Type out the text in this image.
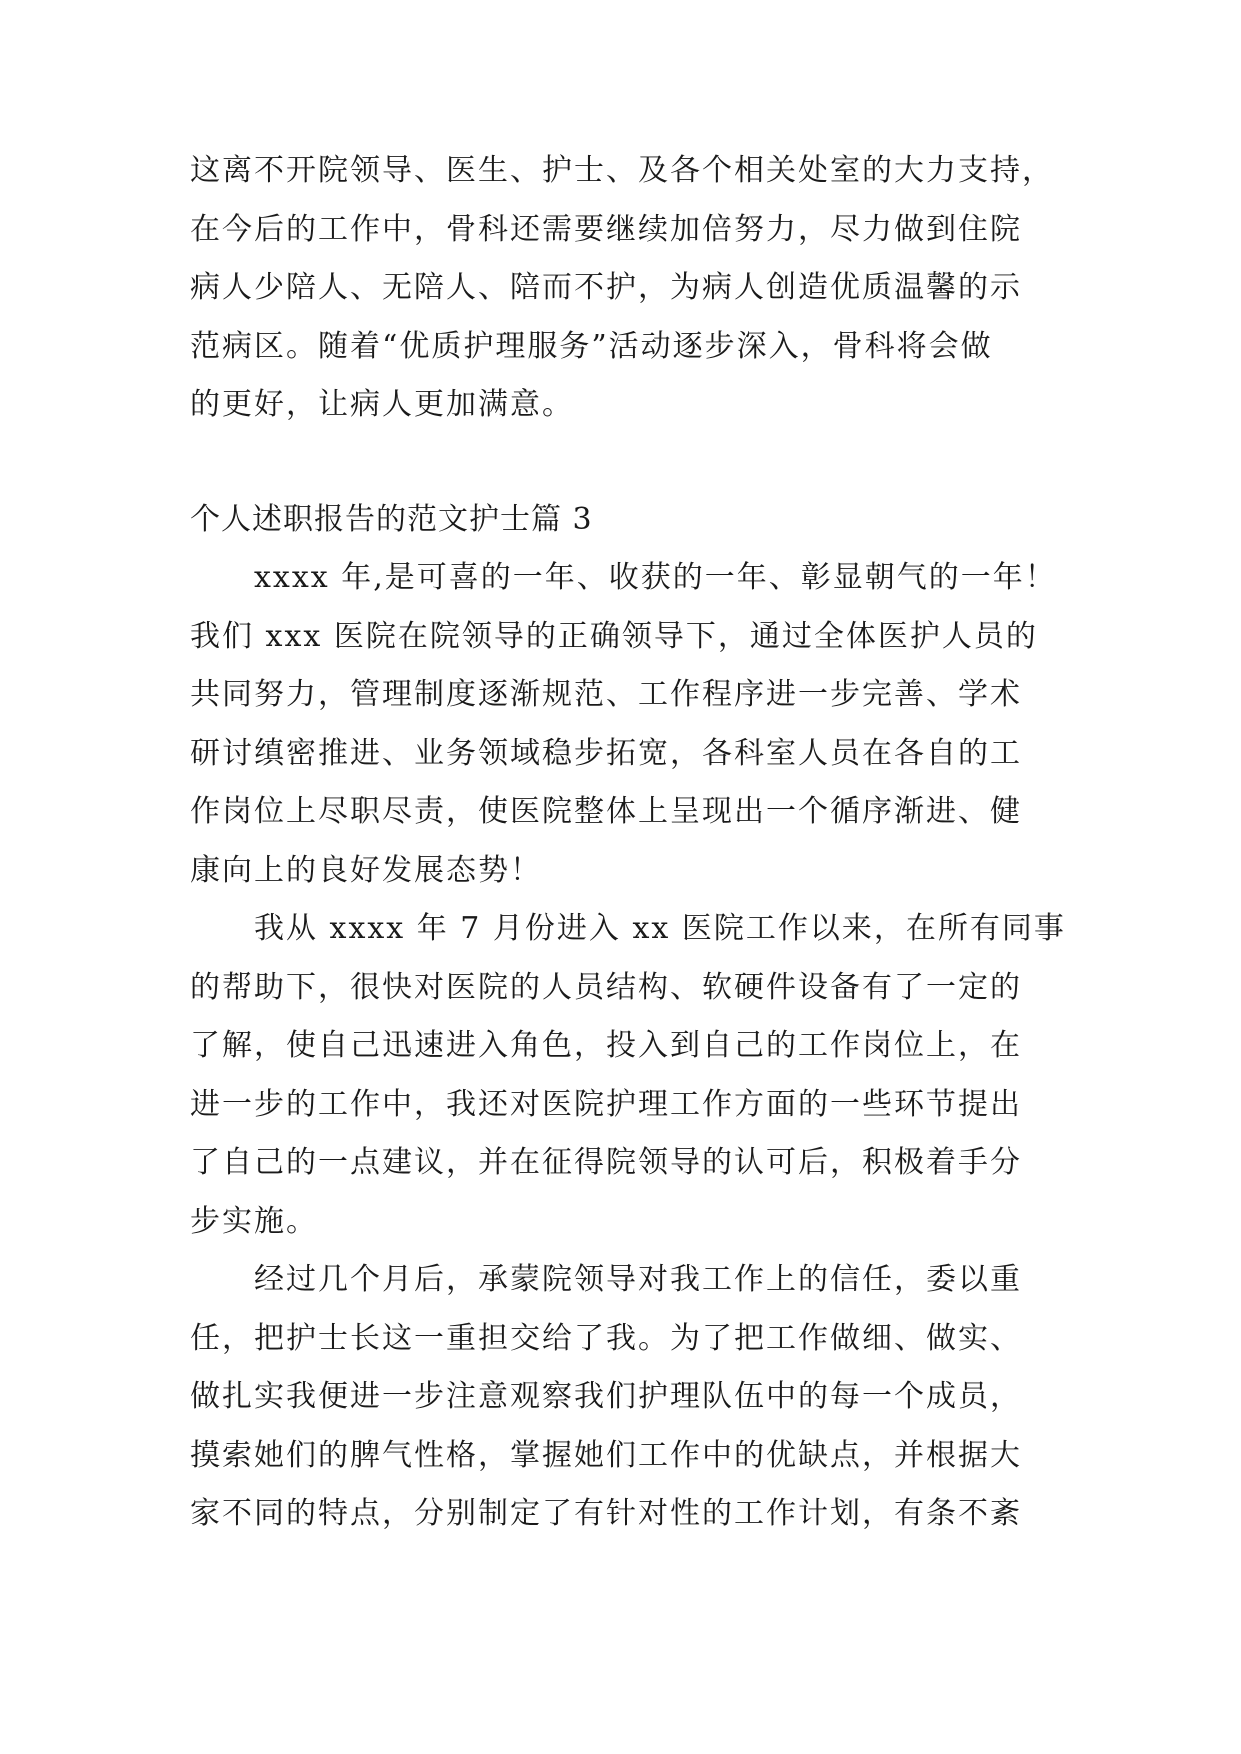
这离不开院领导、医生、护士、及各个相关处室的大力支持，
在今后的工作中，骨科还需要继续加倍努力，尽力做到住院
病人少陪人、无陪人、陪而不护，为病人创造优质温馨的示
范病区。随着“优质护理服务”活动逐步深入，骨科将会做
的更好，让病人更加满意。

个人述职报告的范文护士篇 3

　　xxxx 年,是可喜的一年、收获的一年、彰显朝气的一年！
我们 xxx 医院在院领导的正确领导下，通过全体医护人员的
共同努力，管理制度逐渐规范、工作程序进一步完善、学术
研讨缜密推进、业务领域稳步拓宽，各科室人员在各自的工
作岗位上尽职尽责，使医院整体上呈现出一个循序渐进、健
康向上的良好发展态势！

　　我从 xxxx 年 7 月份进入 xx 医院工作以来，在所有同事
的帮助下，很快对医院的人员结构、软硬件设备有了一定的
了解，使自己迅速进入角色，投入到自己的工作岗位上，在
进一步的工作中，我还对医院护理工作方面的一些环节提出
了自己的一点建议，并在征得院领导的认可后，积极着手分
步实施。

　　经过几个月后，承蒙院领导对我工作上的信任，委以重
任，把护士长这一重担交给了我。为了把工作做细、做实、
做扎实我便进一步注意观察我们护理队伍中的每一个成员，
摸索她们的脾气性格，掌握她们工作中的优缺点，并根据大
家不同的特点，分别制定了有针对性的工作计划，有条不紊
